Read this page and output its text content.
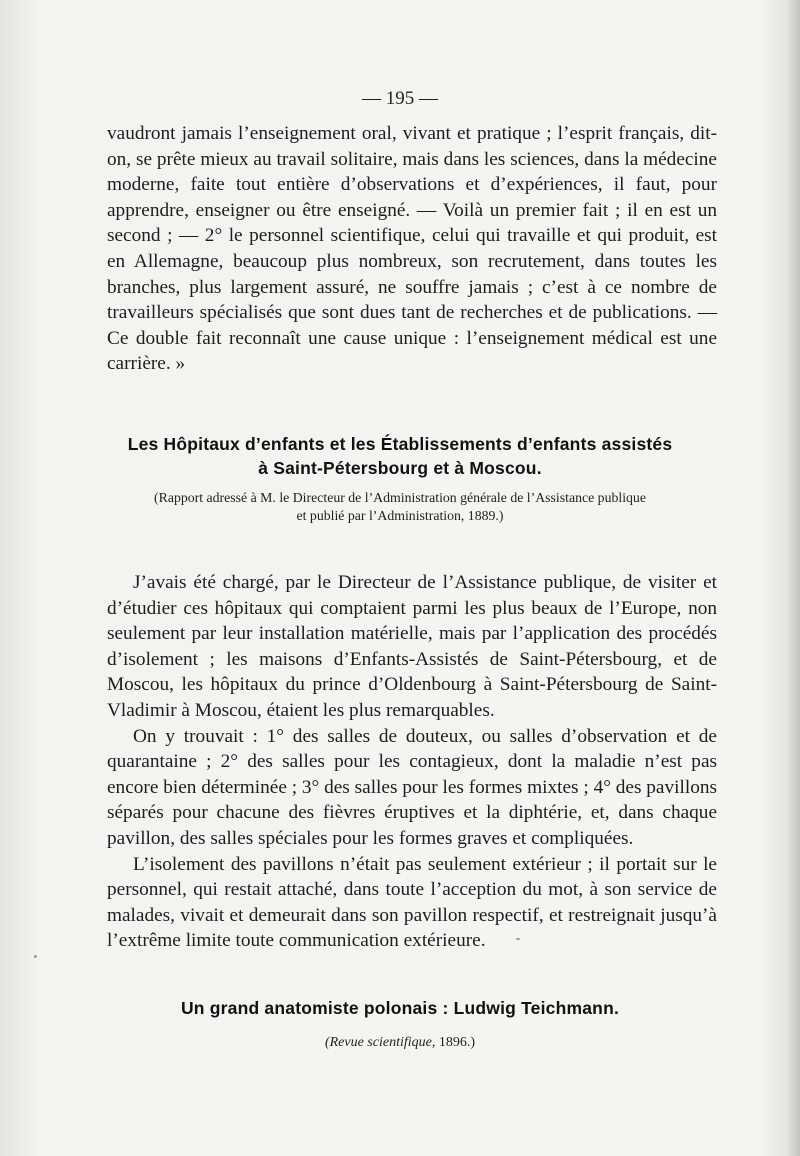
— 195 —

vaudront jamais l’enseignement oral, vivant et pratique ; l’esprit français, dit-on, se prête mieux au travail solitaire, mais dans les sciences, dans la médecine moderne, faite tout entière d’observations et d’expériences, il faut, pour apprendre, enseigner ou être enseigné. — Voilà un premier fait ; il en est un second ; — 2° le personnel scientifique, celui qui travaille et qui produit, est en Allemagne, beaucoup plus nombreux, son recrutement, dans toutes les branches, plus largement assuré, ne souffre jamais ; c’est à ce nombre de travailleurs spécialisés que sont dues tant de recherches et de publications. — Ce double fait reconnaît une cause unique : l’enseignement médical est une carrière. »

Les Hôpitaux d’enfants et les Établissements d’enfants assistés
à Saint-Pétersbourg et à Moscou.
(Rapport adressé à M. le Directeur de l’Administration générale de l’Assistance publique
et publié par l’Administration, 1889.)

J’avais été chargé, par le Directeur de l’Assistance publique, de visiter et d’étudier ces hôpitaux qui comptaient parmi les plus beaux de l’Europe, non seulement par leur installation matérielle, mais par l’application des procédés d’isolement ; les maisons d’Enfants-Assistés de Saint-Pétersbourg, et de Moscou, les hôpitaux du prince d’Oldenbourg à Saint-Pétersbourg de Saint-Vladimir à Moscou, étaient les plus remarquables.

On y trouvait : 1° des salles de douteux, ou salles d’observation et de quarantaine ; 2° des salles pour les contagieux, dont la maladie n’est pas encore bien déterminée ; 3° des salles pour les formes mixtes ; 4° des pavillons séparés pour chacune des fièvres éruptives et la diphtérie, et, dans chaque pavillon, des salles spéciales pour les formes graves et compliquées.

L’isolement des pavillons n’était pas seulement extérieur ; il portait sur le personnel, qui restait attaché, dans toute l’acception du mot, à son service de malades, vivait et demeurait dans son pavillon respectif, et restreignait jusqu’à l’extrême limite toute communication extérieure.

Un grand anatomiste polonais : Ludwig Teichmann.
(Revue scientifique, 1896.)
